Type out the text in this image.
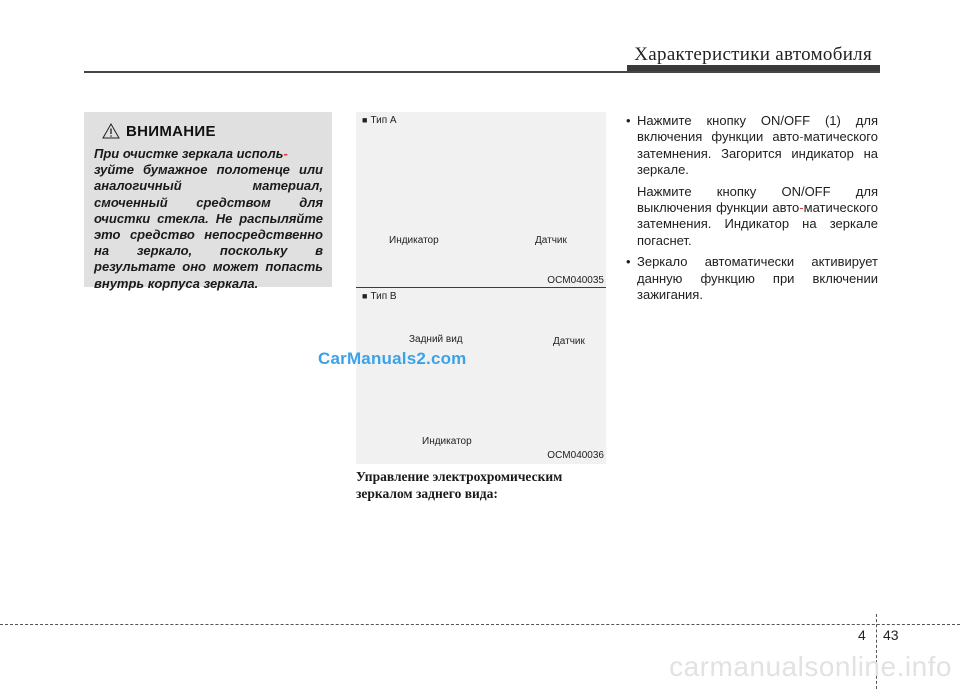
Характеристики автомобиля
ВНИМАНИЕ
При очистке зеркала исполь-
зуйте бумажное полотенце или аналогичный материал, смоченный средством для очистки стекла. Не распыляйте это средство непосредственно на зеркало, поскольку в результате оно может попасть внутрь корпуса зеркала.
■ Тип A
Индикатор	Датчик
OCM040035
■ Тип B
Задний вид	Датчик
Индикатор
OCM040036
CarManuals2.com
Управление электрохромическим зеркалом заднего вида:
• Нажмите кнопку ON/OFF (1) для включения функции авто-матического затемнения. Загорится индикатор на зеркале.
Нажмите кнопку ON/OFF для выключения функции авто-матического затемнения. Индикатор на зеркале погаснет.
• Зеркало автоматически активирует данную функцию при включении зажигания.
4 43
carmanualsonline.info
